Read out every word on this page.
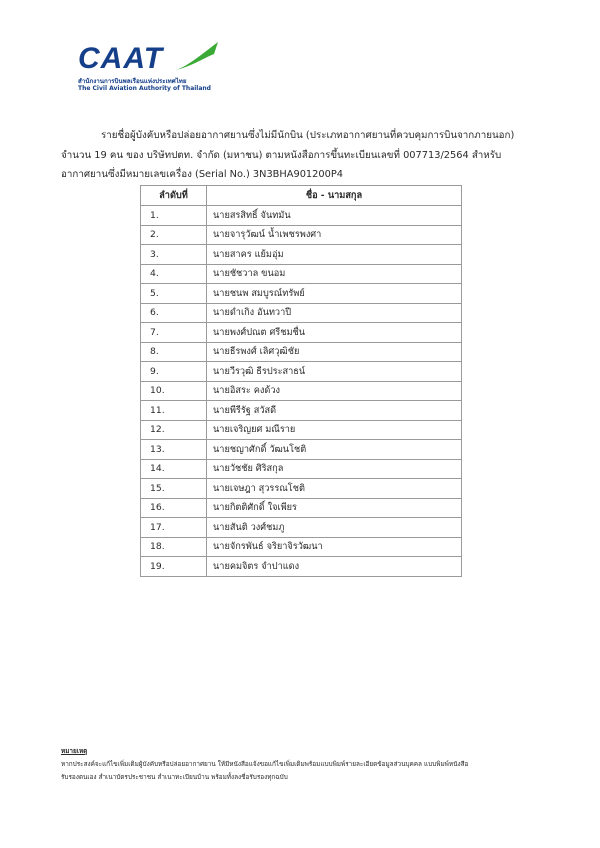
CAAT
สำนักงานการบินพลเรือนแห่งประเทศไทย
The Civil Aviation Authority of Thailand

รายชื่อผู้บังคับหรือปล่อยอากาศยานซึ่งไม่มีนักบิน (ประเภทอากาศยานที่ควบคุมการบินจากภายนอก)

จำนวน 19 คน ของ บริษัทปตท. จำกัด (มหาชน) ตามหนังสือการขึ้นทะเบียนเลขที่ 007713/2564 สำหรับ

อากาศยานซึ่งมีหมายเลขเครื่อง (Serial No.) 3N3BHA901200P4

ลำดับที่	ชื่อ - นามสกุล
1.	นายสรสิทธิ์ จันทมัน
2.	นายจารุวัฒน์ น้ำเพชรพงศา
3.	นายสาคร แย้มอุ่ม
4.	นายชัชวาล ขนอม
5.	นายชนพ สมบูรณ์ทรัพย์
6.	นายดำเกิง อันทวาปี
7.	นายพงศ์ปณต ศรีชมชื่น
8.	นายธีรพงศ์ เลิศวุฒิชัย
9.	นายวีรวุฒิ ธีรประสาธน์
10.	นายอิสระ คงด้วง
11.	นายพีรีรัฐ สวัสดี
12.	นายเจริญยศ มณีราย
13.	นายชญาศักดิ์ วัฒนโชติ
14.	นายวัชชัย ศิริสกุล
15.	นายเจษฎา สุวรรณโชติ
16.	นายกิตติศักดิ์ ใจเพียร
17.	นายสันติ วงศ์ชมภู
18.	นายจักรพันธ์ จริยาจิรวัฒนา
19.	นายคมจิตร จำปาแดง

หมายเหตุ

หากประสงค์จะแก้ไขเพิ่มเติมผู้บังคับหรือปล่อยอากาศยาน ให้มีหนังสือแจ้งขอแก้ไขเพิ่มเติมพร้อมแบบพิมพ์รายละเอียดข้อมูลส่วนบุคคล แบบพิมพ์หนังสือ

รับรองตนเอง สำเนาบัตรประชาชน สำเนาทะเบียนบ้าน พร้อมทั้งลงชื่อรับรองทุกฉบับ
